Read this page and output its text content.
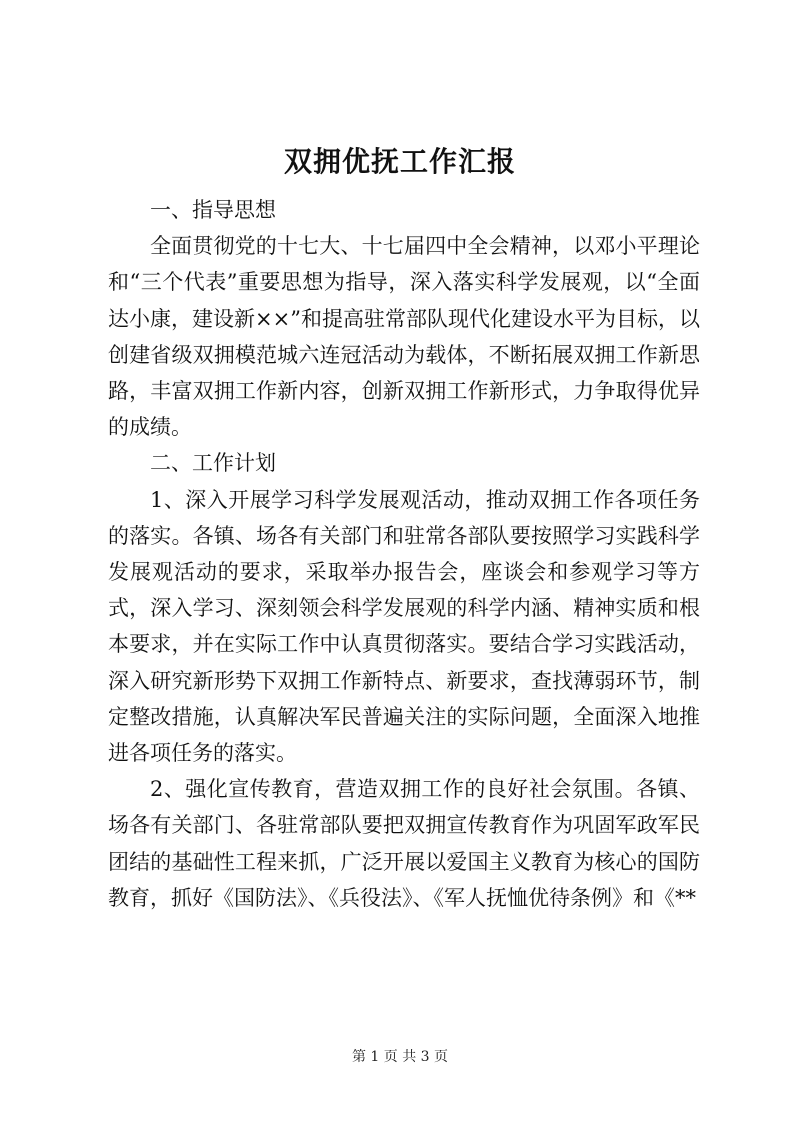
双拥优抚工作汇报

一、指导思想

全面贯彻党的十七大、十七届四中全会精神，以邓小平理论和“三个代表”重要思想为指导，深入落实科学发展观，以“全面达小康，建设新××”和提高驻常部队现代化建设水平为目标，以创建省级双拥模范城六连冠活动为载体，不断拓展双拥工作新思路，丰富双拥工作新内容，创新双拥工作新形式，力争取得优异的成绩。

二、工作计划

1、深入开展学习科学发展观活动，推动双拥工作各项任务的落实。各镇、场各有关部门和驻常各部队要按照学习实践科学发展观活动的要求，采取举办报告会，座谈会和参观学习等方式，深入学习、深刻领会科学发展观的科学内涵、精神实质和根本要求，并在实际工作中认真贯彻落实。要结合学习实践活动，深入研究新形势下双拥工作新特点、新要求，查找薄弱环节，制定整改措施，认真解决军民普遍关注的实际问题，全面深入地推进各项任务的落实。

2、强化宣传教育，营造双拥工作的良好社会氛围。各镇、场各有关部门、各驻常部队要把双拥宣传教育作为巩固军政军民团结的基础性工程来抓，广泛开展以爱国主义教育为核心的国防教育，抓好《国防法》、《兵役法》、《军人抚恤优待条例》和《**

第 1 页 共 3 页
